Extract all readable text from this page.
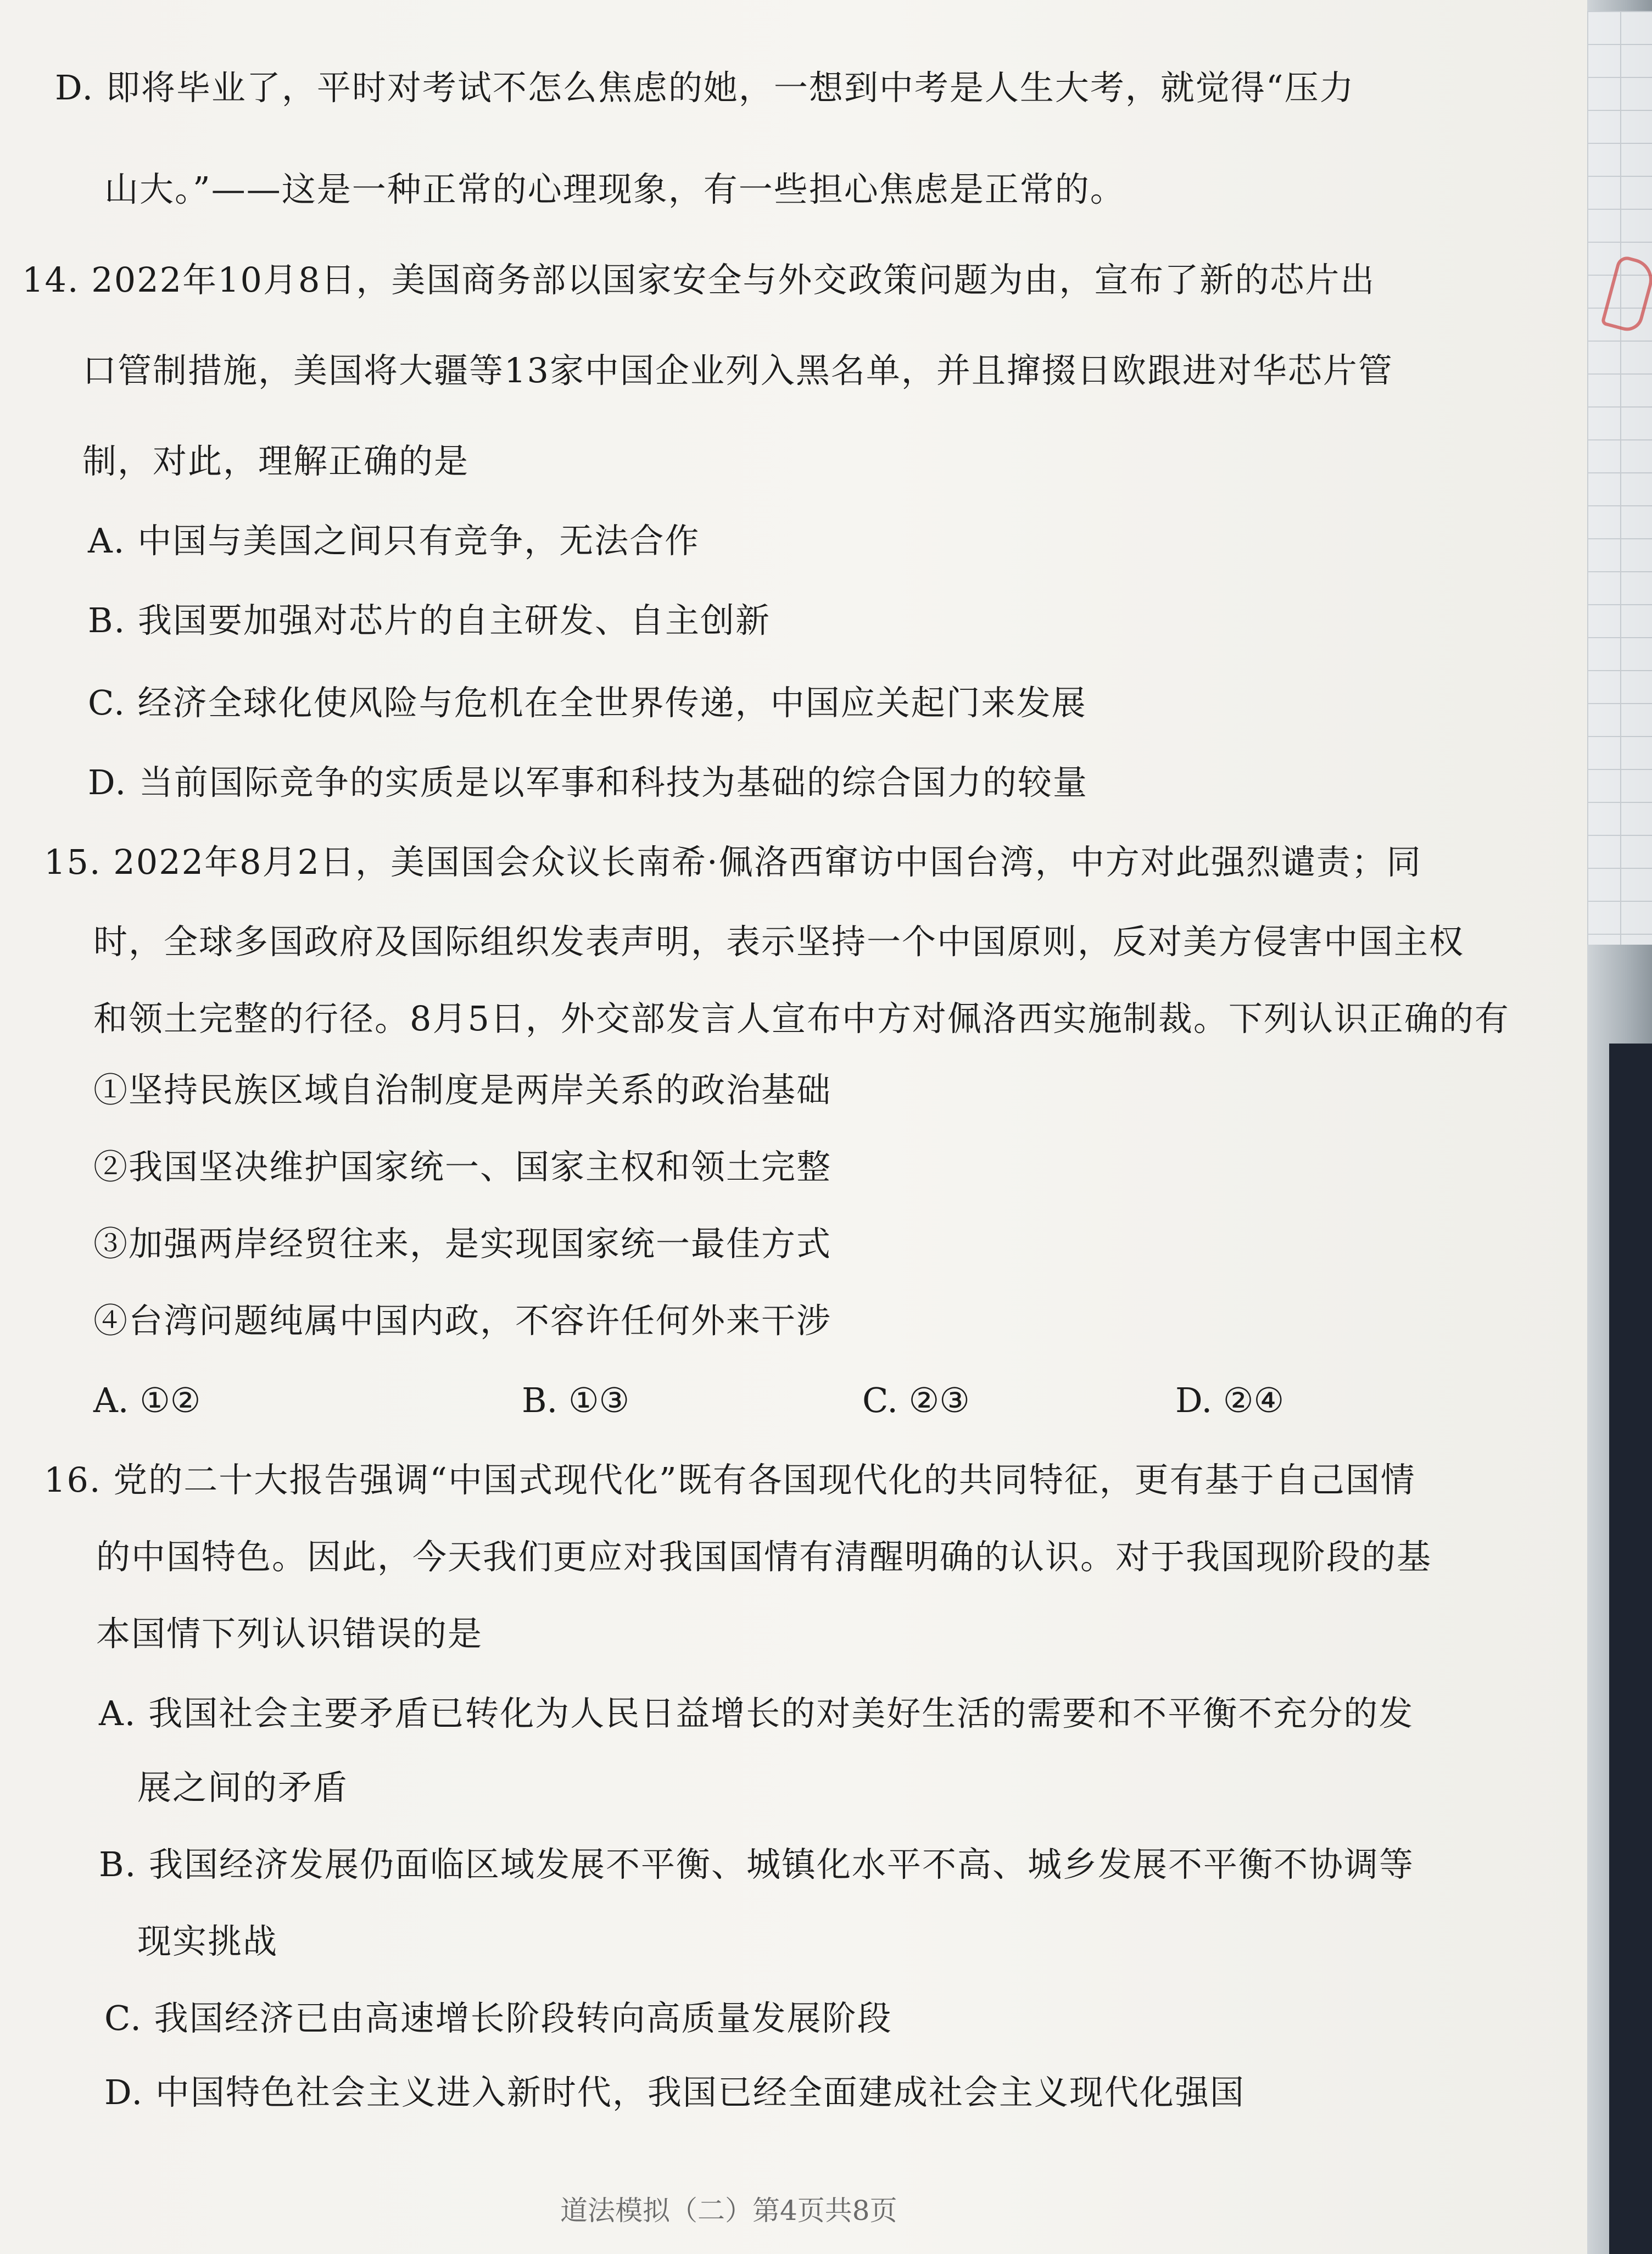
D. 即将毕业了，平时对考试不怎么焦虑的她，一想到中考是人生大考，就觉得“压力
山大。”——这是一种正常的心理现象，有一些担心焦虑是正常的。
14. 2022年10月8日，美国商务部以国家安全与外交政策问题为由，宣布了新的芯片出
口管制措施，美国将大疆等13家中国企业列入黑名单，并且撺掇日欧跟进对华芯片管
制，对此，理解正确的是
A. 中国与美国之间只有竞争，无法合作
B. 我国要加强对芯片的自主研发、自主创新
C. 经济全球化使风险与危机在全世界传递，中国应关起门来发展
D. 当前国际竞争的实质是以军事和科技为基础的综合国力的较量
15. 2022年8月2日，美国国会众议长南希·佩洛西窜访中国台湾，中方对此强烈谴责；同
时，全球多国政府及国际组织发表声明，表示坚持一个中国原则，反对美方侵害中国主权
和领土完整的行径。8月5日，外交部发言人宣布中方对佩洛西实施制裁。下列认识正确的有
①坚持民族区域自治制度是两岸关系的政治基础
②我国坚决维护国家统一、国家主权和领土完整
③加强两岸经贸往来，是实现国家统一最佳方式
④台湾问题纯属中国内政，不容许任何外来干涉
A. ①②	B. ①③	C. ②③	D. ②④
16. 党的二十大报告强调“中国式现代化”既有各国现代化的共同特征，更有基于自己国情
的中国特色。因此，今天我们更应对我国国情有清醒明确的认识。对于我国现阶段的基
本国情下列认识错误的是
A. 我国社会主要矛盾已转化为人民日益增长的对美好生活的需要和不平衡不充分的发
展之间的矛盾
B. 我国经济发展仍面临区域发展不平衡、城镇化水平不高、城乡发展不平衡不协调等
现实挑战
C. 我国经济已由高速增长阶段转向高质量发展阶段
D. 中国特色社会主义进入新时代，我国已经全面建成社会主义现代化强国
道法模拟（二）第4页共8页
